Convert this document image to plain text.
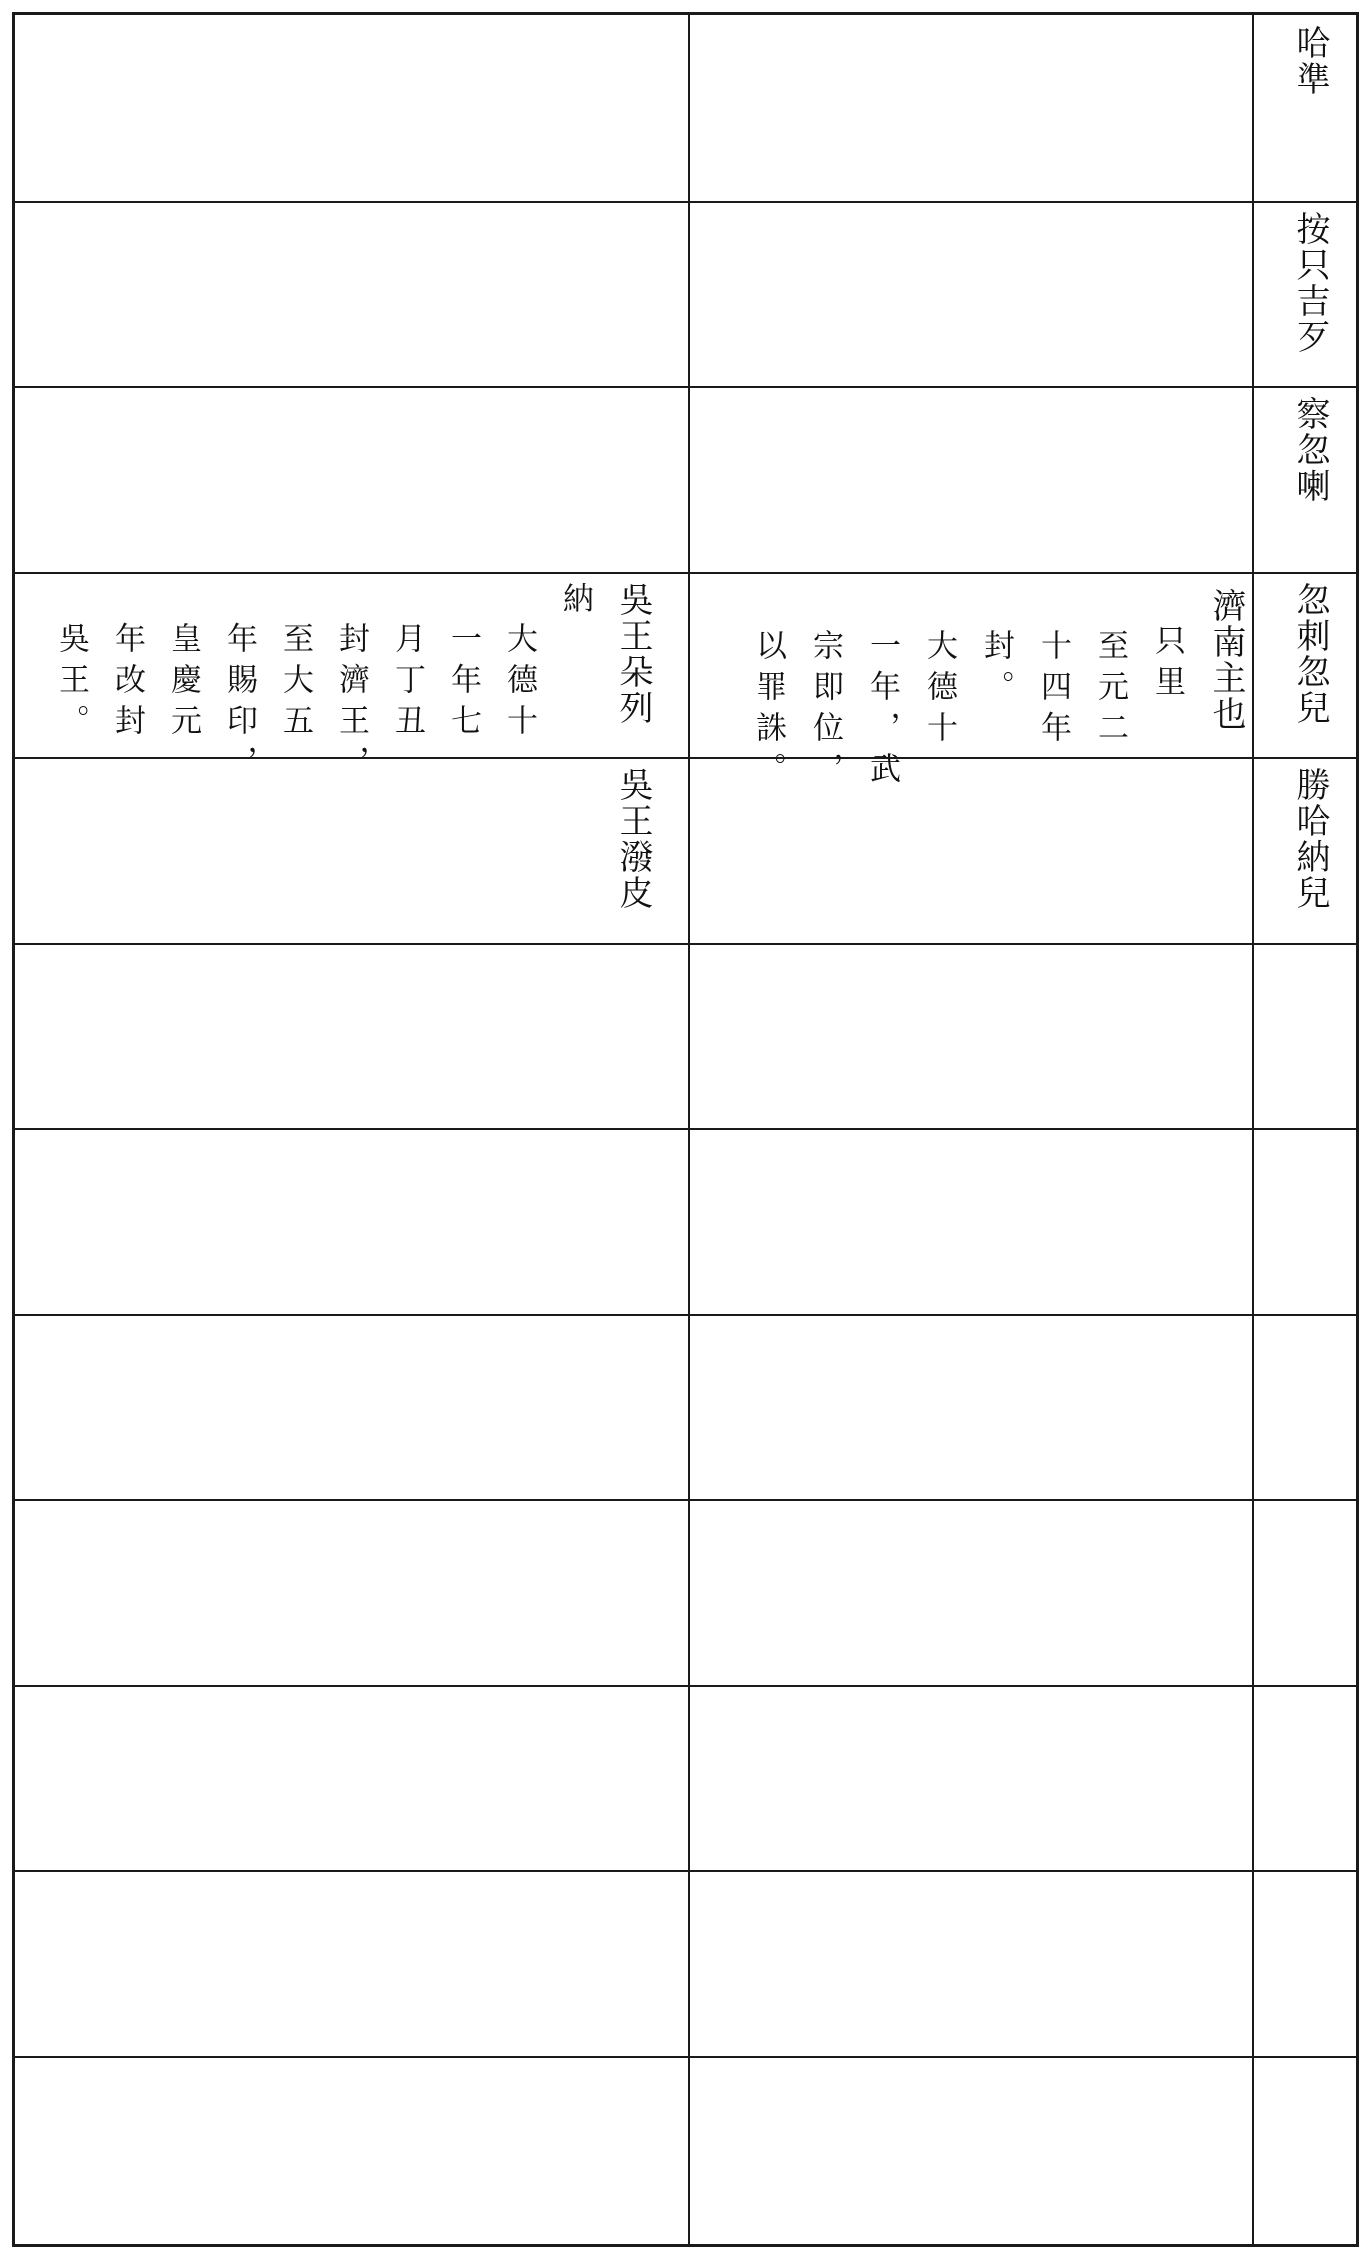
哈準
按只吉歹
察忽喇
忽刺忽兒
濟南主也
只里
至元二
十四年
封。
大德十
一年，武
宗即位，
以罪誅。
吳王朵列
納
大德十
一年七
月丁丑
封濟王，
至大五
年賜印，
皇慶元
年改封
吳王。
勝哈納兒
吳王潑皮
